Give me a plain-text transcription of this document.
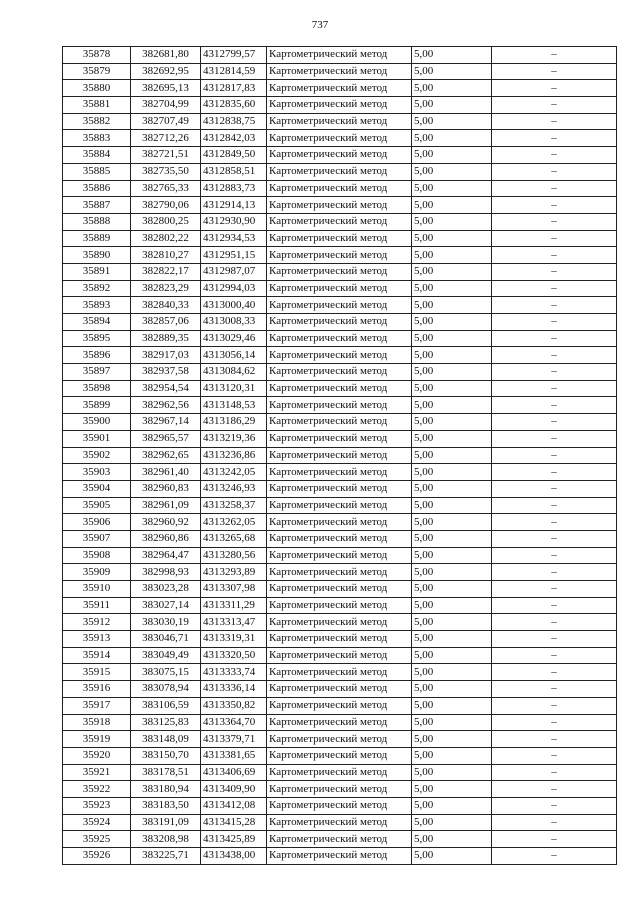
737
35878	382681,80	4312799,57	Картометрический метод	5,00	–
35879	382692,95	4312814,59	Картометрический метод	5,00	–
35880	382695,13	4312817,83	Картометрический метод	5,00	–
35881	382704,99	4312835,60	Картометрический метод	5,00	–
35882	382707,49	4312838,75	Картометрический метод	5,00	–
35883	382712,26	4312842,03	Картометрический метод	5,00	–
35884	382721,51	4312849,50	Картометрический метод	5,00	–
35885	382735,50	4312858,51	Картометрический метод	5,00	–
35886	382765,33	4312883,73	Картометрический метод	5,00	–
35887	382790,06	4312914,13	Картометрический метод	5,00	–
35888	382800,25	4312930,90	Картометрический метод	5,00	–
35889	382802,22	4312934,53	Картометрический метод	5,00	–
35890	382810,27	4312951,15	Картометрический метод	5,00	–
35891	382822,17	4312987,07	Картометрический метод	5,00	–
35892	382823,29	4312994,03	Картометрический метод	5,00	–
35893	382840,33	4313000,40	Картометрический метод	5,00	–
35894	382857,06	4313008,33	Картометрический метод	5,00	–
35895	382889,35	4313029,46	Картометрический метод	5,00	–
35896	382917,03	4313056,14	Картометрический метод	5,00	–
35897	382937,58	4313084,62	Картометрический метод	5,00	–
35898	382954,54	4313120,31	Картометрический метод	5,00	–
35899	382962,56	4313148,53	Картометрический метод	5,00	–
35900	382967,14	4313186,29	Картометрический метод	5,00	–
35901	382965,57	4313219,36	Картометрический метод	5,00	–
35902	382962,65	4313236,86	Картометрический метод	5,00	–
35903	382961,40	4313242,05	Картометрический метод	5,00	–
35904	382960,83	4313246,93	Картометрический метод	5,00	–
35905	382961,09	4313258,37	Картометрический метод	5,00	–
35906	382960,92	4313262,05	Картометрический метод	5,00	–
35907	382960,86	4313265,68	Картометрический метод	5,00	–
35908	382964,47	4313280,56	Картометрический метод	5,00	–
35909	382998,93	4313293,89	Картометрический метод	5,00	–
35910	383023,28	4313307,98	Картометрический метод	5,00	–
35911	383027,14	4313311,29	Картометрический метод	5,00	–
35912	383030,19	4313313,47	Картометрический метод	5,00	–
35913	383046,71	4313319,31	Картометрический метод	5,00	–
35914	383049,49	4313320,50	Картометрический метод	5,00	–
35915	383075,15	4313333,74	Картометрический метод	5,00	–
35916	383078,94	4313336,14	Картометрический метод	5,00	–
35917	383106,59	4313350,82	Картометрический метод	5,00	–
35918	383125,83	4313364,70	Картометрический метод	5,00	–
35919	383148,09	4313379,71	Картометрический метод	5,00	–
35920	383150,70	4313381,65	Картометрический метод	5,00	–
35921	383178,51	4313406,69	Картометрический метод	5,00	–
35922	383180,94	4313409,90	Картометрический метод	5,00	–
35923	383183,50	4313412,08	Картометрический метод	5,00	–
35924	383191,09	4313415,28	Картометрический метод	5,00	–
35925	383208,98	4313425,89	Картометрический метод	5,00	–
35926	383225,71	4313438,00	Картометрический метод	5,00	–
